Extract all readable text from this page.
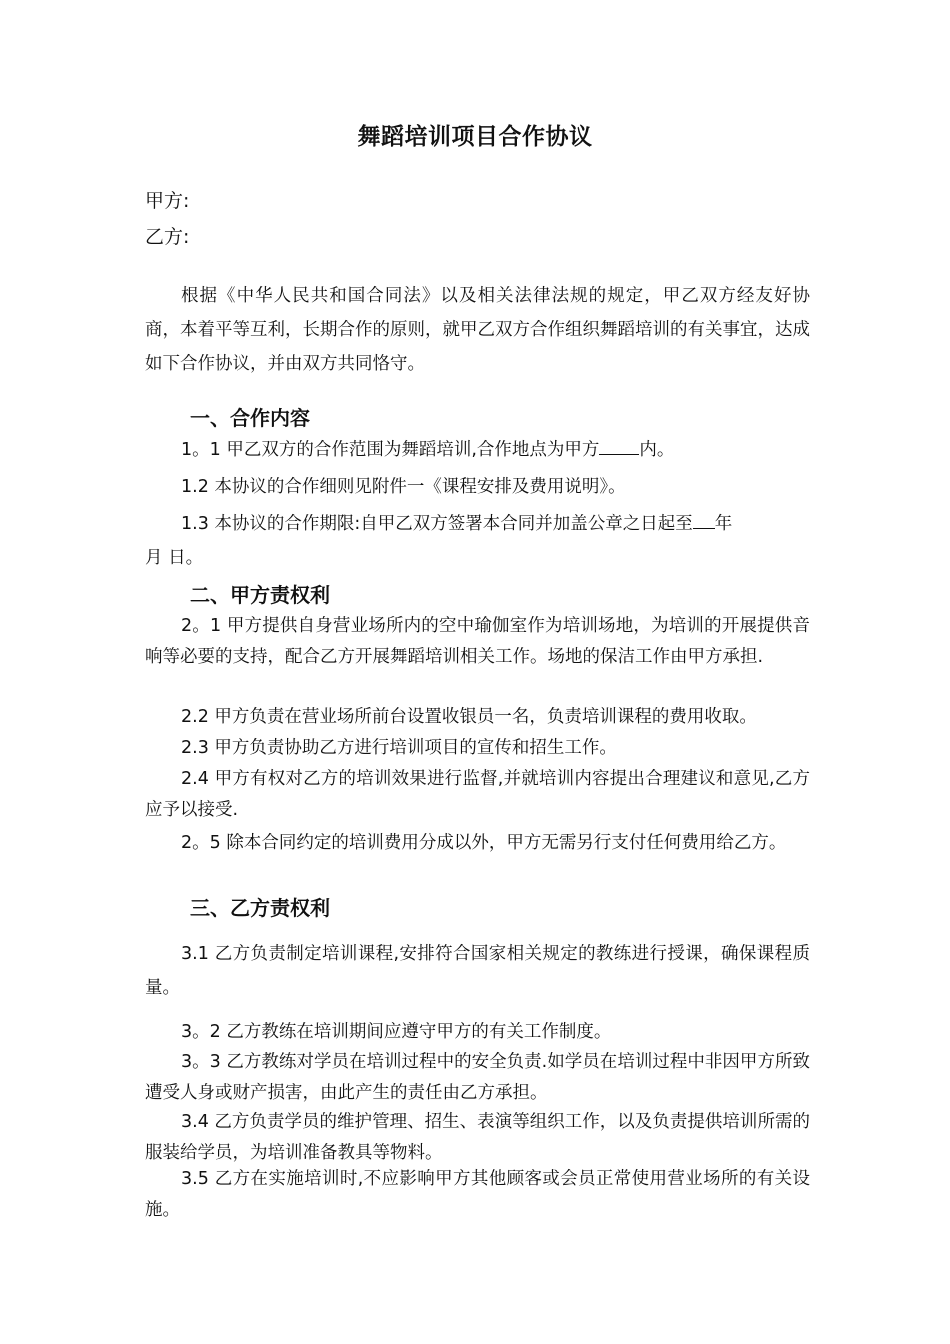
舞蹈培训项目合作协议
甲方:
乙方:

根据《中华人民共和国合同法》以及相关法律法规的规定，甲乙双方经友好协商，本着平等互利，长期合作的原则，就甲乙双方合作组织舞蹈培训的有关事宜，达成如下合作协议，并由双方共同恪守。

一、合作内容

1。1 甲乙双方的合作范围为舞蹈培训,合作地点为甲方 内。

1.2 本协议的合作细则见附件一《课程安排及费用说明》。

1.3 本协议的合作期限:自甲乙双方签署本合同并加盖公章之日起至 年
月 日。

二、甲方责权利

2。1 甲方提供自身营业场所内的空中瑜伽室作为培训场地，为培训的开展提供音响等必要的支持，配合乙方开展舞蹈培训相关工作。场地的保洁工作由甲方承担.

2.2 甲方负责在营业场所前台设置收银员一名，负责培训课程的费用收取。

2.3 甲方负责协助乙方进行培训项目的宣传和招生工作。

2.4 甲方有权对乙方的培训效果进行监督,并就培训内容提出合理建议和意见,乙方应予以接受.

2。5 除本合同约定的培训费用分成以外，甲方无需另行支付任何费用给乙方。

三、乙方责权利

3.1 乙方负责制定培训课程,安排符合国家相关规定的教练进行授课，确保课程质量。

3。2 乙方教练在培训期间应遵守甲方的有关工作制度。

3。3 乙方教练对学员在培训过程中的安全负责.如学员在培训过程中非因甲方所致遭受人身或财产损害，由此产生的责任由乙方承担。

3.4 乙方负责学员的维护管理、招生、表演等组织工作，以及负责提供培训所需的服装给学员，为培训准备教具等物料。

3.5 乙方在实施培训时,不应影响甲方其他顾客或会员正常使用营业场所的有关设施。
